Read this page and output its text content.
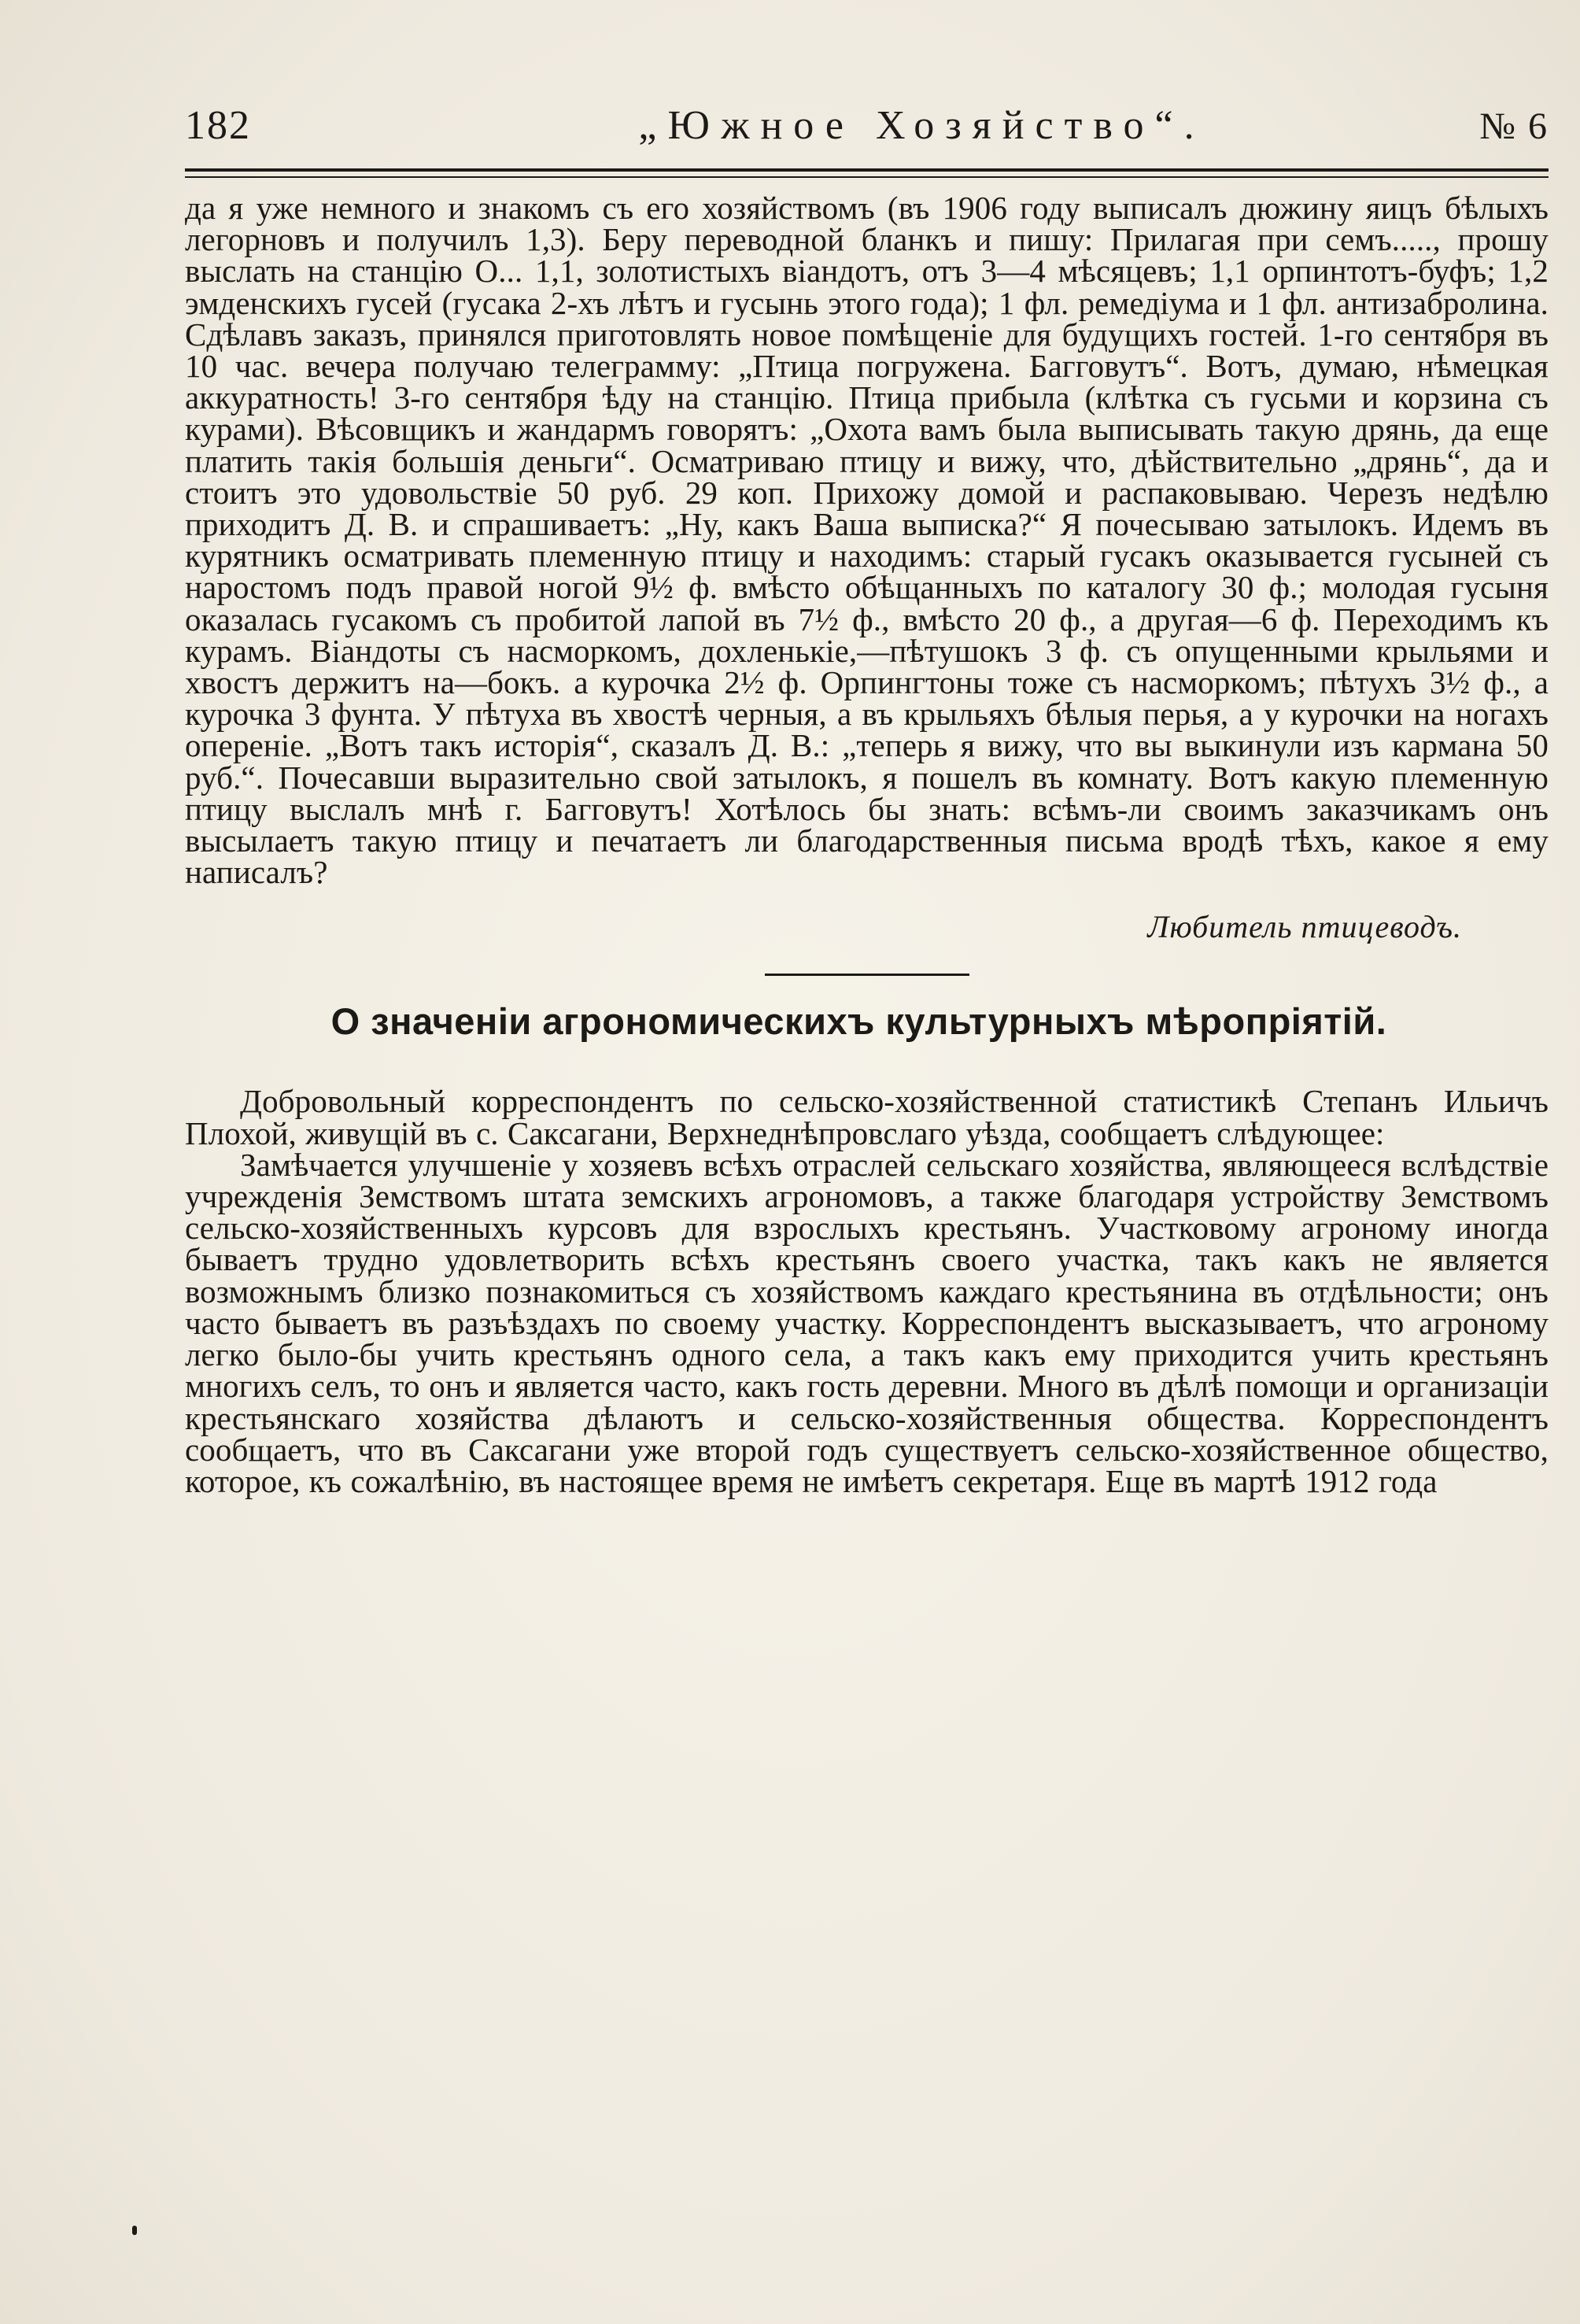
182	„Южное Хозяйство“.	№ 6

да я уже немного и знакомъ съ его хозяйствомъ (въ 1906 году выписалъ дюжину яицъ бѣлыхъ легорновъ и получилъ 1,3). Беру переводной бланкъ и пишу: Прилагая при семъ....., прошу выслать на станцію О... 1,1, золотистыхъ віандотъ, отъ 3—4 мѣсяцевъ; 1,1 орпинтотъ-буфъ; 1,2 эмденскихъ гусей (гусака 2-хъ лѣтъ и гусынь этого года); 1 фл. ремедіума и 1 фл. антизабролина. Сдѣлавъ заказъ, принялся приготовлять новое помѣщеніе для будущихъ гостей. 1-го сентября въ 10 час. вечера получаю телеграмму: „Птица погружена. Багговутъ“. Вотъ, думаю, нѣмецкая аккуратность! 3-го сентября ѣду на станцію. Птица прибыла (клѣтка съ гусьми и корзина съ курами). Вѣсовщикъ и жандармъ говорятъ: „Охота вамъ была выписывать такую дрянь, да еще платить такія большія деньги“. Осматриваю птицу и вижу, что, дѣйствительно „дрянь“, да и стоитъ это удовольствіе 50 руб. 29 коп. Прихожу домой и распаковываю. Черезъ недѣлю приходитъ Д. В. и спрашиваетъ: „Ну, какъ Ваша выписка?“ Я почесываю затылокъ. Идемъ въ курятникъ осматривать племенную птицу и находимъ: старый гусакъ оказывается гусыней съ наростомъ подъ правой ногой 9½ ф. вмѣсто обѣщанныхъ по каталогу 30 ф.; молодая гусыня оказалась гусакомъ съ пробитой лапой въ 7½ ф., вмѣсто 20 ф., а другая—6 ф. Переходимъ къ курамъ. Віандоты съ насморкомъ, дохленькіе,—пѣтушокъ 3 ф. съ опущенными крыльями и хвостъ держитъ на—бокъ. а курочка 2½ ф. Орпингтоны тоже съ насморкомъ; пѣтухъ 3½ ф., а курочка 3 фунта. У пѣтуха въ хвостѣ черныя, а въ крыльяхъ бѣлыя перья, а у курочки на ногахъ опереніе. „Вотъ такъ исторія“, сказалъ Д. В.: „теперь я вижу, что вы выкинули изъ кармана 50 руб.“. Почесавши выразительно свой затылокъ, я пошелъ въ комнату. Вотъ какую племенную птицу выслалъ мнѣ г. Багговутъ! Хотѣлось бы знать: всѣмъ-ли своимъ заказчикамъ онъ высылаетъ такую птицу и печатаетъ ли благодарственныя письма вродѣ тѣхъ, какое я ему написалъ?

Любитель птицеводъ.
О значеніи агрономическихъ культурныхъ мѣропріятій.

Добровольный корреспондентъ по сельско-хозяйственной статистикѣ Степанъ Ильичъ Плохой, живущій въ с. Саксагани, Верхнеднѣпровслаго уѣзда, сообщаетъ слѣдующее:

Замѣчается улучшеніе у хозяевъ всѣхъ отраслей сельскаго хозяйства, являющееся вслѣдствіе учрежденія Земствомъ штата земскихъ агрономовъ, а также благодаря устройству Земствомъ сельско-хозяйственныхъ курсовъ для взрослыхъ крестьянъ. Участковому агроному иногда бываетъ трудно удовлетворить всѣхъ крестьянъ своего участка, такъ какъ не является возможнымъ близко познакомиться съ хозяйствомъ каждаго крестьянина въ отдѣльности; онъ часто бываетъ въ разъѣздахъ по своему участку. Корреспондентъ высказываетъ, что агроному легко было-бы учить крестьянъ одного села, а такъ какъ ему приходится учить крестьянъ многихъ селъ, то онъ и является часто, какъ гость деревни. Много въ дѣлѣ помощи и организаціи крестьянскаго хозяйства дѣлаютъ и сельско-хозяйственныя общества. Корреспондентъ сообщаетъ, что въ Саксагани уже второй годъ существуетъ сельско-хозяйственное общество, которое, къ сожалѣнію, въ настоящее время не имѣетъ секретаря. Еще въ мартѣ 1912 года
